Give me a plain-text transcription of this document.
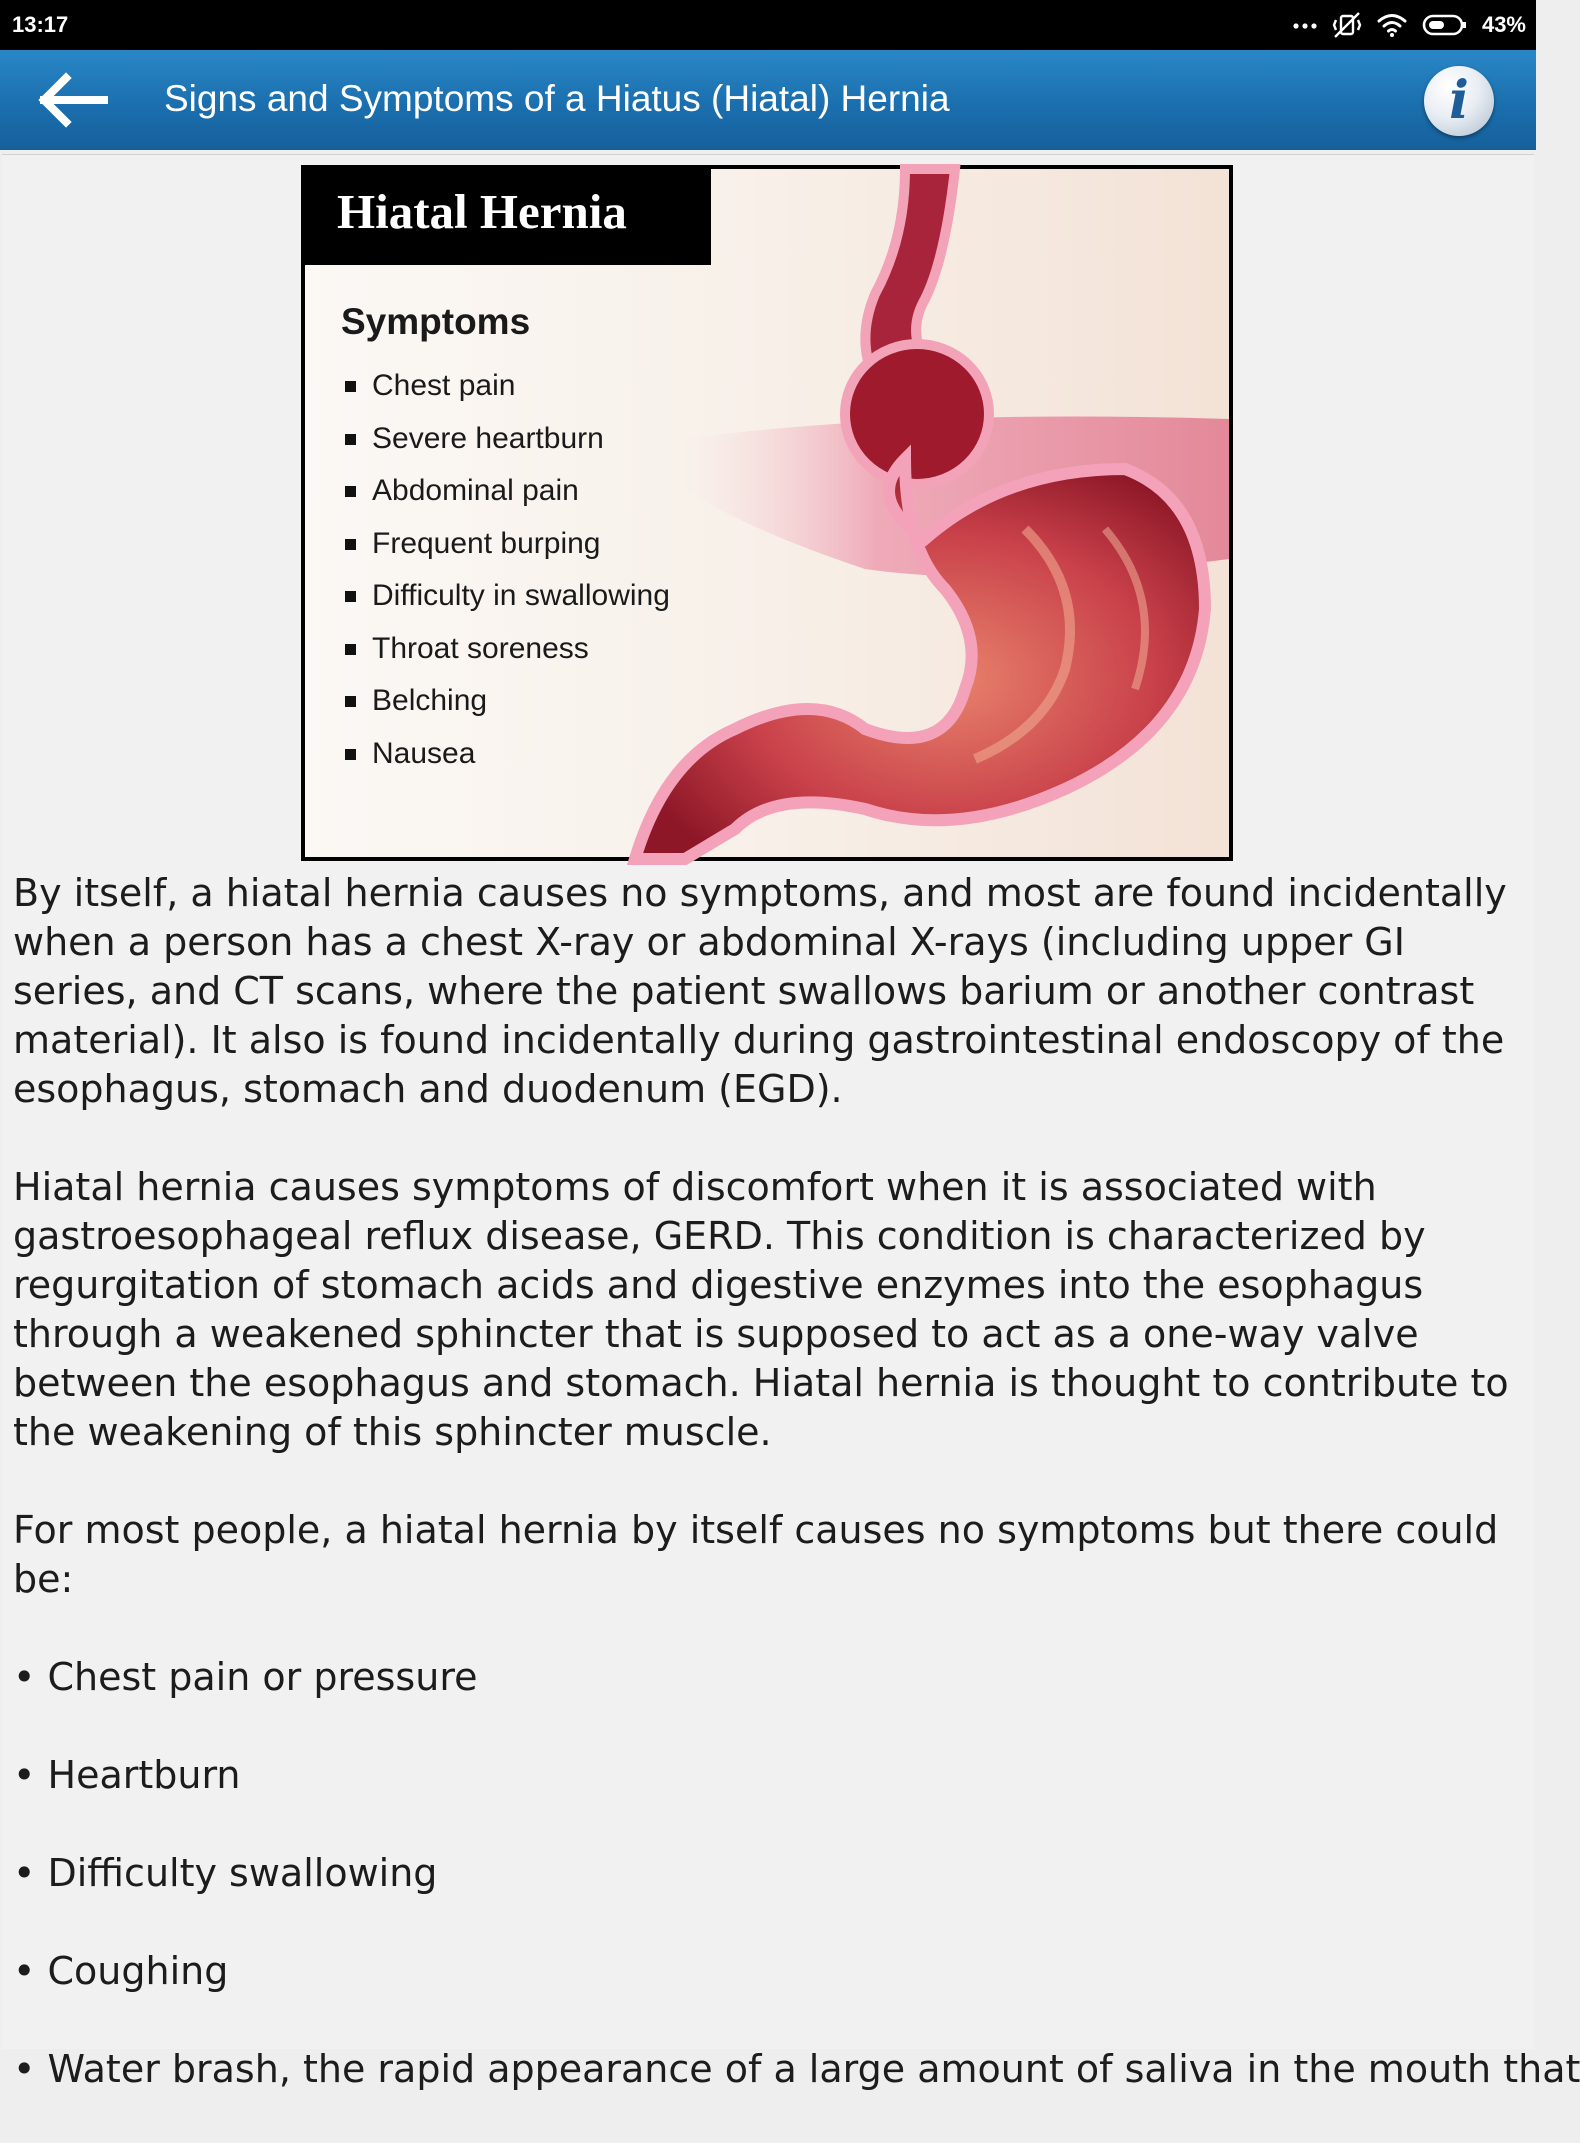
13:17	43%
Signs and Symptoms of a Hiatus (Hiatal) Hernia	i
Hiatal Hernia
Symptoms
Chest pain
Severe heartburn
Abdominal pain
Frequent burping
Difficulty in swallowing
Throat soreness
Belching
Nausea

By itself, a hiatal hernia causes no symptoms, and most are found incidentally when a person has a chest X-ray or abdominal X-rays (including upper GI series, and CT scans, where the patient swallows barium or another contrast material). It also is found incidentally during gastrointestinal endoscopy of the esophagus, stomach and duodenum (EGD).

Hiatal hernia causes symptoms of discomfort when it is associated with gastroesophageal reflux disease, GERD. This condition is characterized by regurgitation of stomach acids and digestive enzymes into the esophagus through a weakened sphincter that is supposed to act as a one-way valve between the esophagus and stomach. Hiatal hernia is thought to contribute to the weakening of this sphincter muscle.

For most people, a hiatal hernia by itself causes no symptoms but there could be:

• Chest pain or pressure

• Heartburn

• Difficulty swallowing

• Coughing

• Water brash, the rapid appearance of a large amount of saliva in the mouth that
